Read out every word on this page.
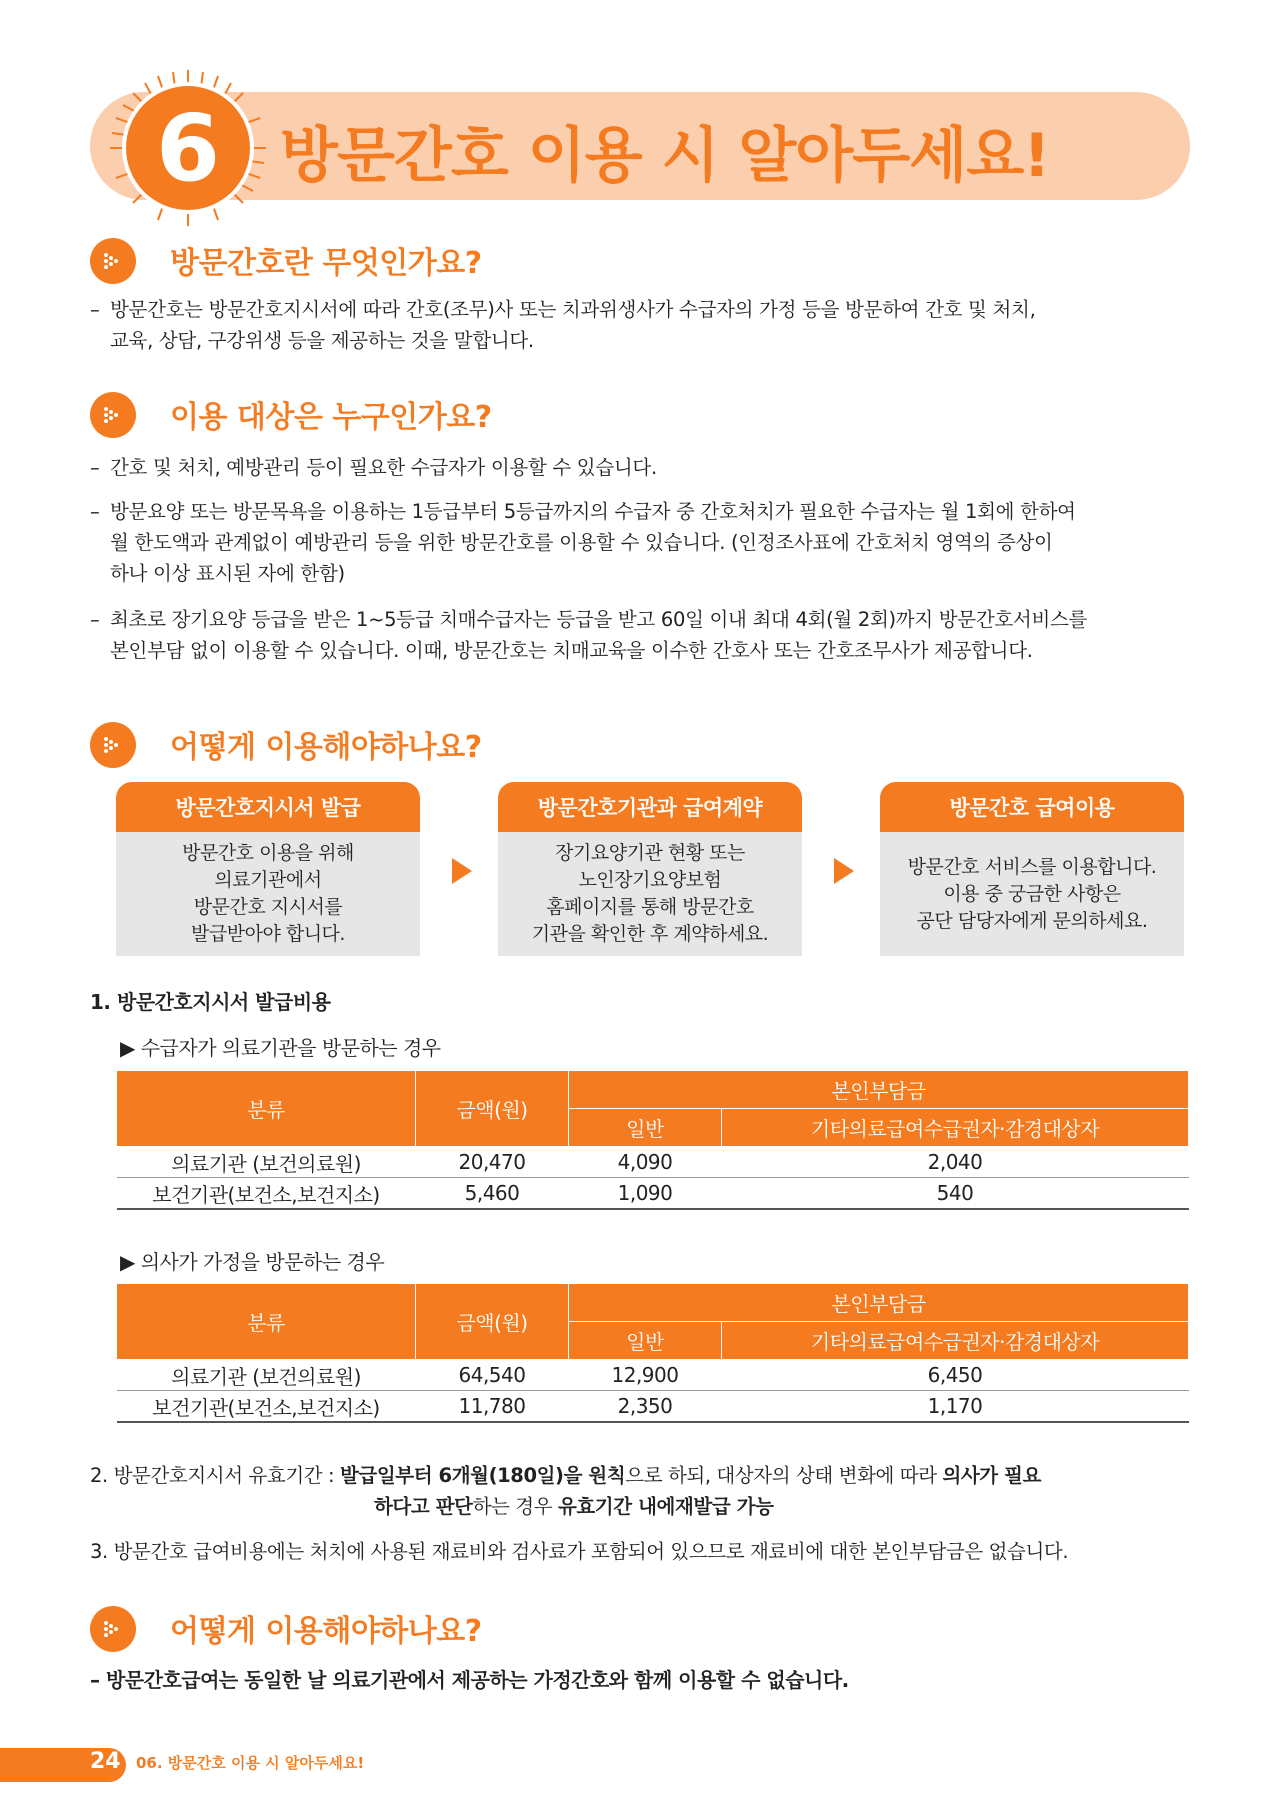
6	방문간호 이용 시 알아두세요!
방문간호란 무엇인가요?
– 방문간호는 방문간호지시서에 따라 간호(조무)사 또는 치과위생사가 수급자의 가정 등을 방문하여 간호 및 처치,
교육, 상담, 구강위생 등을 제공하는 것을 말합니다.
이용 대상은 누구인가요?
– 간호 및 처치, 예방관리 등이 필요한 수급자가 이용할 수 있습니다.
– 방문요양 또는 방문목욕을 이용하는 1등급부터 5등급까지의 수급자 중 간호처치가 필요한 수급자는 월 1회에 한하여
월 한도액과 관계없이 예방관리 등을 위한 방문간호를 이용할 수 있습니다. (인정조사표에 간호처치 영역의 증상이
하나 이상 표시된 자에 한함)
– 최초로 장기요양 등급을 받은 1~5등급 치매수급자는 등급을 받고 60일 이내 최대 4회(월 2회)까지 방문간호서비스를
본인부담 없이 이용할 수 있습니다. 이때, 방문간호는 치매교육을 이수한 간호사 또는 간호조무사가 제공합니다.
어떻게 이용해야하나요?
방문간호지시서 발급
방문간호 이용을 위해
의료기관에서
방문간호 지시서를
발급받아야 합니다.
방문간호기관과 급여계약
장기요양기관 현황 또는
노인장기요양보험
홈페이지를 통해 방문간호
기관을 확인한 후 계약하세요.
방문간호 급여이용
방문간호 서비스를 이용합니다.
이용 중 궁금한 사항은
공단 담당자에게 문의하세요.
1. 방문간호지시서 발급비용
▶ 수급자가 의료기관을 방문하는 경우
분류	금액(원)	본인부담금	
		일반	기타의료급여수급권자·감경대상자
의료기관 (보건의료원)	20,470	4,090	2,040
보건기관(보건소,보건지소)	5,460	1,090	540
▶ 의사가 가정을 방문하는 경우
분류	금액(원)	본인부담금	
		일반	기타의료급여수급권자·감경대상자
의료기관 (보건의료원)	64,540	12,900	6,450
보건기관(보건소,보건지소)	11,780	2,350	1,170
2. 방문간호지시서 유효기간 : 발급일부터 6개월(180일)을 원칙으로 하되, 대상자의 상태 변화에 따라 의사가 필요
하다고 판단하는 경우 유효기간 내에재발급 가능
3. 방문간호 급여비용에는 처치에 사용된 재료비와 검사료가 포함되어 있으므로 재료비에 대한 본인부담금은 없습니다.
어떻게 이용해야하나요?
– 방문간호급여는 동일한 날 의료기관에서 제공하는 가정간호와 함께 이용할 수 없습니다.
24 06. 방문간호 이용 시 알아두세요!
